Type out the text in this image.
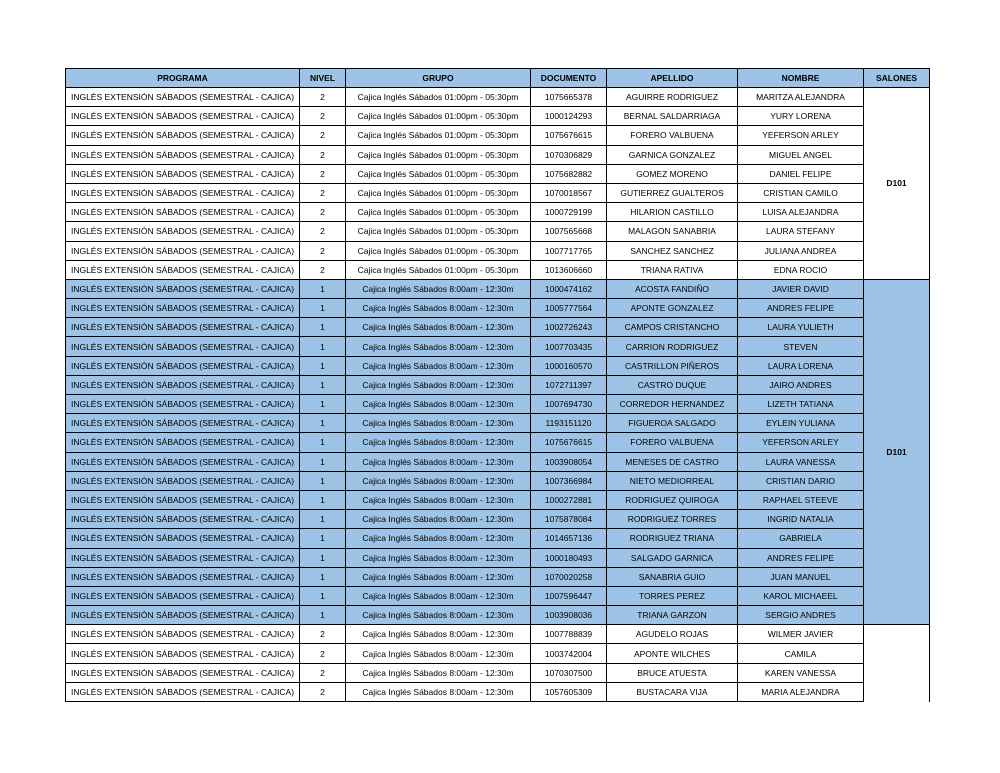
PROGRAMA	NIVEL	GRUPO	DOCUMENTO	APELLIDO	NOMBRE	SALONES
INGLÉS EXTENSIÓN SÁBADOS (SEMESTRAL - CAJICA)	2	Cajica Inglés Sábados 01:00pm - 05:30pm	1075665378	AGUIRRE RODRIGUEZ	MARITZA ALEJANDRA	D101
INGLÉS EXTENSIÓN SÁBADOS (SEMESTRAL - CAJICA)	2	Cajica Inglés Sábados 01:00pm - 05:30pm	1000124293	BERNAL SALDARRIAGA	YURY LORENA	
INGLÉS EXTENSIÓN SÁBADOS (SEMESTRAL - CAJICA)	2	Cajica Inglés Sábados 01:00pm - 05:30pm	1075676615	FORERO VALBUENA	YEFERSON ARLEY	
INGLÉS EXTENSIÓN SÁBADOS (SEMESTRAL - CAJICA)	2	Cajica Inglés Sábados 01:00pm - 05:30pm	1070306829	GARNICA GONZALEZ	MIGUEL ANGEL	
INGLÉS EXTENSIÓN SÁBADOS (SEMESTRAL - CAJICA)	2	Cajica Inglés Sábados 01:00pm - 05:30pm	1075682882	GOMEZ MORENO	DANIEL FELIPE	
INGLÉS EXTENSIÓN SÁBADOS (SEMESTRAL - CAJICA)	2	Cajica Inglés Sábados 01:00pm - 05:30pm	1070018567	GUTIERREZ GUALTEROS	CRISTIAN CAMILO	
INGLÉS EXTENSIÓN SÁBADOS (SEMESTRAL - CAJICA)	2	Cajica Inglés Sábados 01:00pm - 05:30pm	1000729199	HILARION CASTILLO	LUISA ALEJANDRA	
INGLÉS EXTENSIÓN SÁBADOS (SEMESTRAL - CAJICA)	2	Cajica Inglés Sábados 01:00pm - 05:30pm	1007565668	MALAGON SANABRIA	LAURA STEFANY	
INGLÉS EXTENSIÓN SÁBADOS (SEMESTRAL - CAJICA)	2	Cajica Inglés Sábados 01:00pm - 05:30pm	1007717765	SANCHEZ SANCHEZ	JULIANA ANDREA	
INGLÉS EXTENSIÓN SÁBADOS (SEMESTRAL - CAJICA)	2	Cajica Inglés Sábados 01:00pm - 05:30pm	1013606660	TRIANA RATIVA	EDNA ROCIO	
INGLÉS EXTENSIÓN SÁBADOS (SEMESTRAL - CAJICA)	1	Cajica Inglés Sábados 8:00am - 12:30m	1000474162	ACOSTA FANDIÑO	JAVIER DAVID	D101
INGLÉS EXTENSIÓN SÁBADOS (SEMESTRAL - CAJICA)	1	Cajica Inglés Sábados 8:00am - 12:30m	1005777564	APONTE GONZALEZ	ANDRES FELIPE	
INGLÉS EXTENSIÓN SÁBADOS (SEMESTRAL - CAJICA)	1	Cajica Inglés Sábados 8:00am - 12:30m	1002726243	CAMPOS CRISTANCHO	LAURA YULIETH	
INGLÉS EXTENSIÓN SÁBADOS (SEMESTRAL - CAJICA)	1	Cajica Inglés Sábados 8:00am - 12:30m	1007703435	CARRION RODRIGUEZ	STEVEN	
INGLÉS EXTENSIÓN SÁBADOS (SEMESTRAL - CAJICA)	1	Cajica Inglés Sábados 8:00am - 12:30m	1000160570	CASTRILLON PIÑEROS	LAURA LORENA	
INGLÉS EXTENSIÓN SÁBADOS (SEMESTRAL - CAJICA)	1	Cajica Inglés Sábados 8:00am - 12:30m	1072711397	CASTRO DUQUE	JAIRO ANDRES	
INGLÉS EXTENSIÓN SÁBADOS (SEMESTRAL - CAJICA)	1	Cajica Inglés Sábados 8:00am - 12:30m	1007694730	CORREDOR HERNANDEZ	LIZETH TATIANA	
INGLÉS EXTENSIÓN SÁBADOS (SEMESTRAL - CAJICA)	1	Cajica Inglés Sábados 8:00am - 12:30m	1193151120	FIGUEROA SALGADO	EYLEIN YULIANA	
INGLÉS EXTENSIÓN SÁBADOS (SEMESTRAL - CAJICA)	1	Cajica Inglés Sábados 8:00am - 12:30m	1075676615	FORERO VALBUENA	YEFERSON ARLEY	
INGLÉS EXTENSIÓN SÁBADOS (SEMESTRAL - CAJICA)	1	Cajica Inglés Sábados 8:00am - 12:30m	1003908054	MENESES DE CASTRO	LAURA VANESSA	
INGLÉS EXTENSIÓN SÁBADOS (SEMESTRAL - CAJICA)	1	Cajica Inglés Sábados 8:00am - 12:30m	1007366984	NIETO MEDIORREAL	CRISTIAN DARIO	
INGLÉS EXTENSIÓN SÁBADOS (SEMESTRAL - CAJICA)	1	Cajica Inglés Sábados 8:00am - 12:30m	1000272881	RODRIGUEZ QUIROGA	RAPHAEL STEEVE	
INGLÉS EXTENSIÓN SÁBADOS (SEMESTRAL - CAJICA)	1	Cajica Inglés Sábados 8:00am - 12:30m	1075878084	RODRIGUEZ TORRES	INGRID NATALIA	
INGLÉS EXTENSIÓN SÁBADOS (SEMESTRAL - CAJICA)	1	Cajica Inglés Sábados 8:00am - 12:30m	1014657136	RODRIGUEZ TRIANA	GABRIELA	
INGLÉS EXTENSIÓN SÁBADOS (SEMESTRAL - CAJICA)	1	Cajica Inglés Sábados 8:00am - 12:30m	1000180493	SALGADO GARNICA	ANDRES FELIPE	
INGLÉS EXTENSIÓN SÁBADOS (SEMESTRAL - CAJICA)	1	Cajica Inglés Sábados 8:00am - 12:30m	1070020258	SANABRIA GUIO	JUAN MANUEL	
INGLÉS EXTENSIÓN SÁBADOS (SEMESTRAL - CAJICA)	1	Cajica Inglés Sábados 8:00am - 12:30m	1007596447	TORRES PEREZ	KAROL MICHAEEL	
INGLÉS EXTENSIÓN SÁBADOS (SEMESTRAL - CAJICA)	1	Cajica Inglés Sábados 8:00am - 12:30m	1003908036	TRIANA GARZON	SERGIO ANDRES	
INGLÉS EXTENSIÓN SÁBADOS (SEMESTRAL - CAJICA)	2	Cajica Inglés Sábados 8:00am - 12:30m	1007788839	AGUDELO ROJAS	WILMER JAVIER	
INGLÉS EXTENSIÓN SÁBADOS (SEMESTRAL - CAJICA)	2	Cajica Inglés Sábados 8:00am - 12:30m	1003742004	APONTE WILCHES	CAMILA	
INGLÉS EXTENSIÓN SÁBADOS (SEMESTRAL - CAJICA)	2	Cajica Inglés Sábados 8:00am - 12:30m	1070307500	BRUCE ATUESTA	KAREN VANESSA	
INGLÉS EXTENSIÓN SÁBADOS (SEMESTRAL - CAJICA)	2	Cajica Inglés Sábados 8:00am - 12:30m	1057605309	BUSTACARA VIJA	MARIA ALEJANDRA	
